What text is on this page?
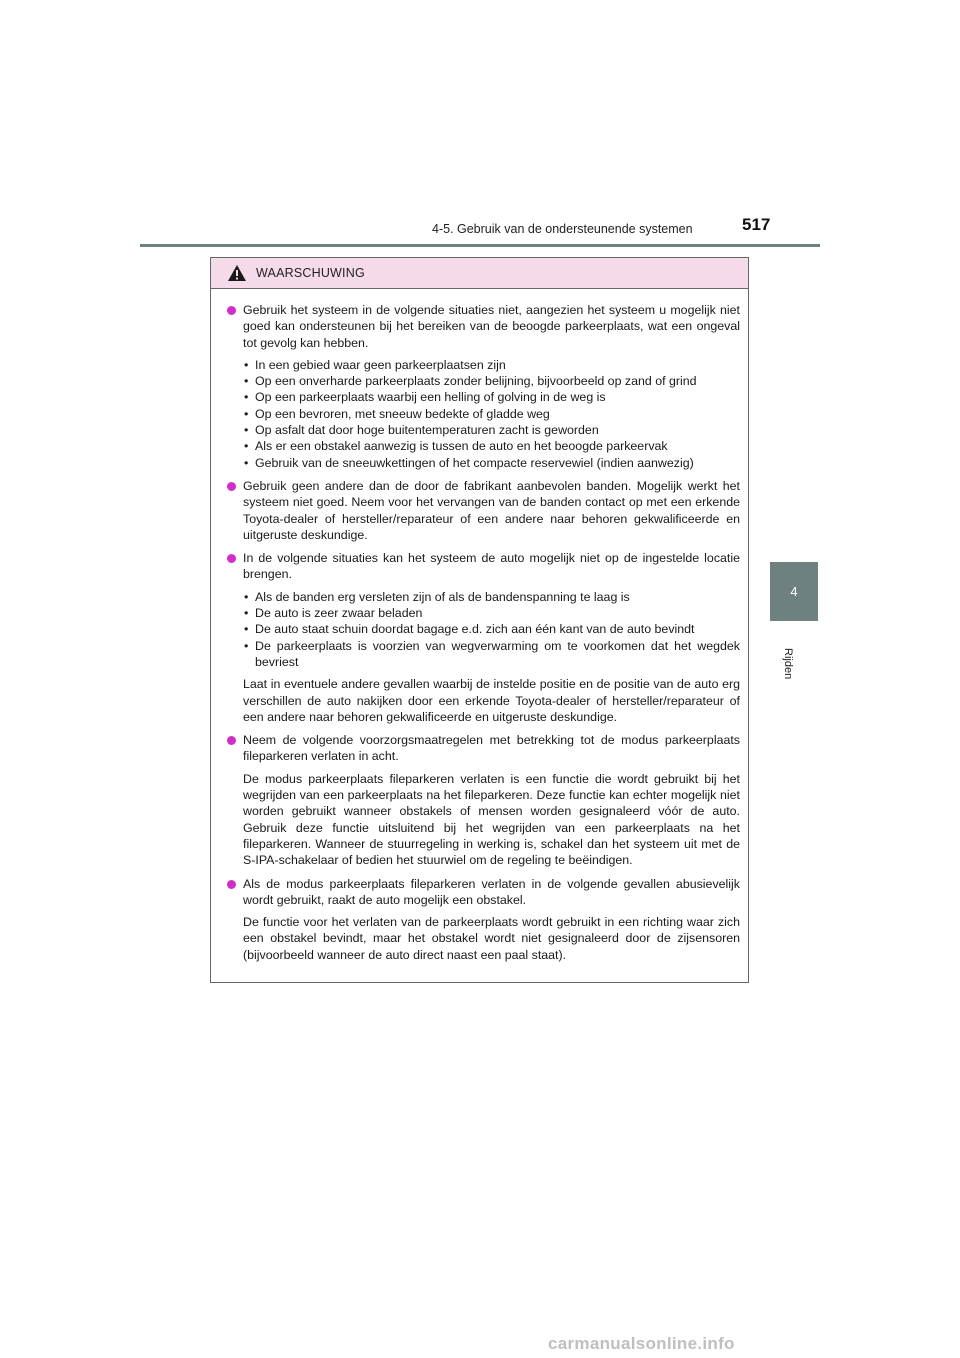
4-5. Gebruik van de ondersteunende systemen	517
4
Rijden
WAARSCHUWING

Gebruik het systeem in de volgende situaties niet, aangezien het systeem u mogelijk niet goed kan ondersteunen bij het bereiken van de beoogde parkeerplaats, wat een ongeval tot gevolg kan hebben.

• In een gebied waar geen parkeerplaatsen zijn
• Op een onverharde parkeerplaats zonder belijning, bijvoorbeeld op zand of grind
• Op een parkeerplaats waarbij een helling of golving in de weg is
• Op een bevroren, met sneeuw bedekte of gladde weg
• Op asfalt dat door hoge buitentemperaturen zacht is geworden
• Als er een obstakel aanwezig is tussen de auto en het beoogde parkeervak
• Gebruik van de sneeuwkettingen of het compacte reservewiel (indien aanwezig)

Gebruik geen andere dan de door de fabrikant aanbevolen banden. Mogelijk werkt het systeem niet goed. Neem voor het vervangen van de banden contact op met een erkende Toyota-dealer of hersteller/reparateur of een andere naar behoren gekwalificeerde en uitgeruste deskundige.

In de volgende situaties kan het systeem de auto mogelijk niet op de ingestelde locatie brengen.

• Als de banden erg versleten zijn of als de bandenspanning te laag is
• De auto is zeer zwaar beladen
• De auto staat schuin doordat bagage e.d. zich aan één kant van de auto bevindt
• De parkeerplaats is voorzien van wegverwarming om te voorkomen dat het wegdek bevriest

Laat in eventuele andere gevallen waarbij de instelde positie en de positie van de auto erg verschillen de auto nakijken door een erkende Toyota-dealer of hersteller/reparateur of een andere naar behoren gekwalificeerde en uitgeruste deskundige.

Neem de volgende voorzorgsmaatregelen met betrekking tot de modus parkeerplaats fileparkeren verlaten in acht.

De modus parkeerplaats fileparkeren verlaten is een functie die wordt gebruikt bij het wegrijden van een parkeerplaats na het fileparkeren. Deze functie kan echter mogelijk niet worden gebruikt wanneer obstakels of mensen worden gesignaleerd vóór de auto. Gebruik deze functie uitsluitend bij het wegrijden van een parkeerplaats na het fileparkeren. Wanneer de stuurregeling in werking is, schakel dan het systeem uit met de S-IPA-schakelaar of bedien het stuurwiel om de regeling te beëindigen.

Als de modus parkeerplaats fileparkeren verlaten in de volgende gevallen abusievelijk wordt gebruikt, raakt de auto mogelijk een obstakel.

De functie voor het verlaten van de parkeerplaats wordt gebruikt in een richting waar zich een obstakel bevindt, maar het obstakel wordt niet gesignaleerd door de zijsensoren (bijvoorbeeld wanneer de auto direct naast een paal staat).

carmanualsonline.info
